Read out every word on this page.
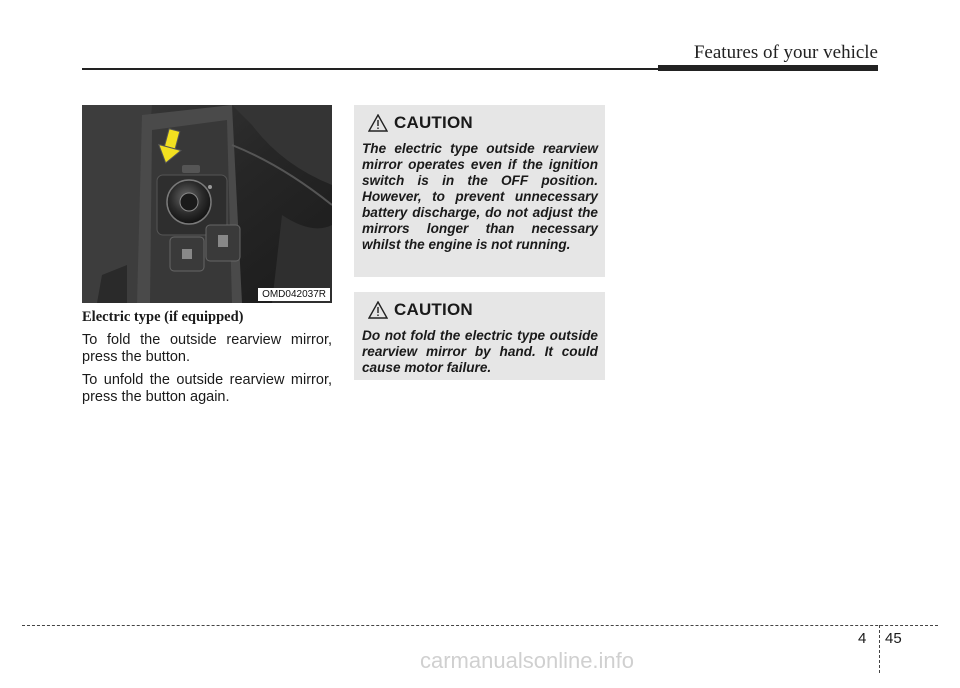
Features of your vehicle
OMD042037R

Electric type (if equipped)

To fold the outside rearview mirror, press the button.

To unfold the outside rearview mirror, press the button again.

CAUTION

The electric type outside rearview mirror operates even if the ignition switch is in the OFF position. However, to prevent unnecessary battery discharge, do not adjust the mirrors longer than necessary whilst the engine is not running.

CAUTION

Do not fold the electric type outside rearview mirror by hand. It could cause motor failure.

4 45
carmanualsonline.info
